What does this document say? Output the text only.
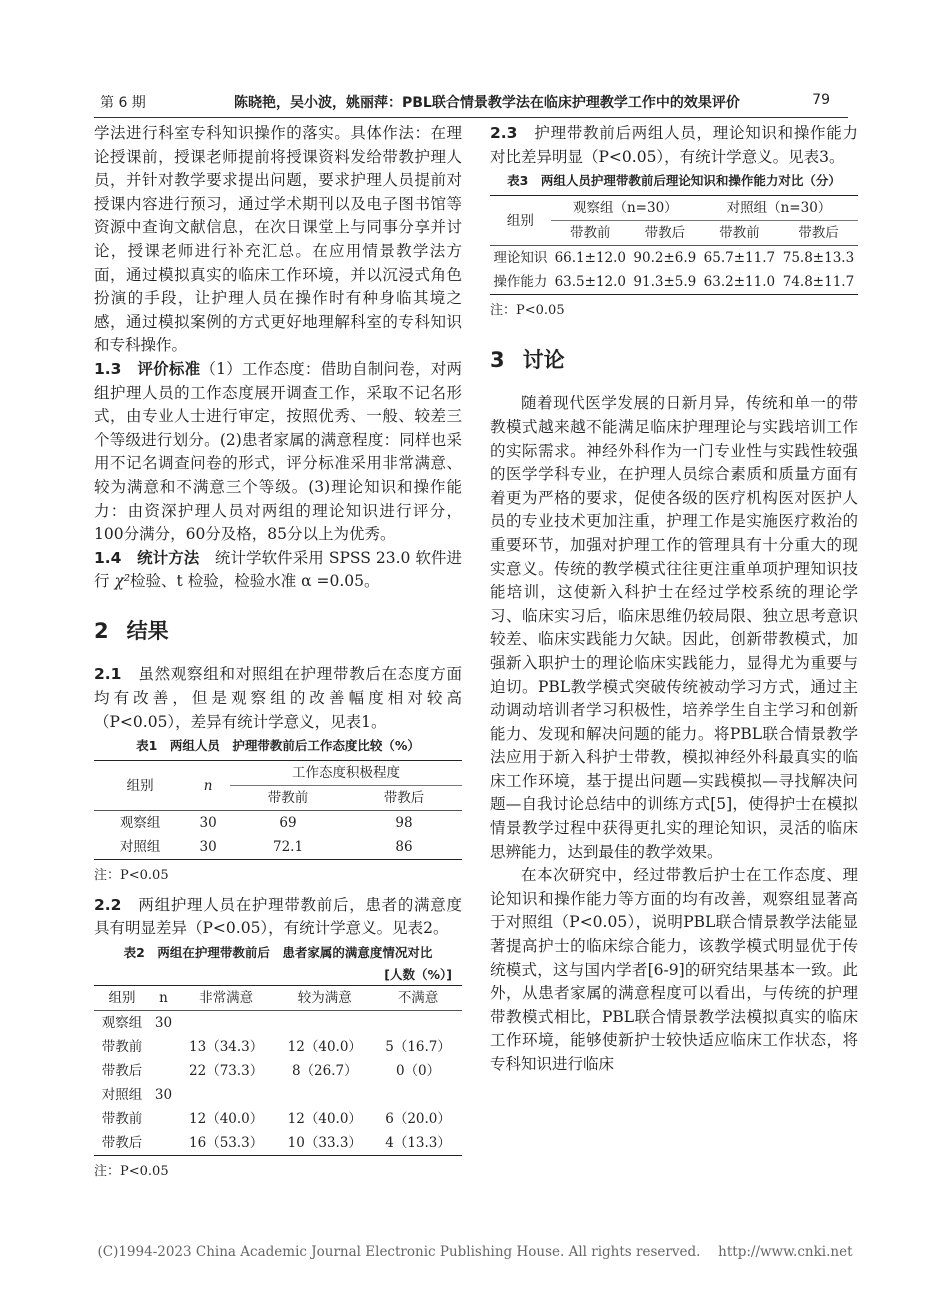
第 6 期	陈晓艳，吴小波，姚丽萍：PBL联合情景教学法在临床护理教学工作中的效果评价	79

学法进行科室专科知识操作的落实。具体作法：在理论授课前，授课老师提前将授课资料发给带教护理人员，并针对教学要求提出问题，要求护理人员提前对授课内容进行预习，通过学术期刊以及电子图书馆等资源中查询文献信息，在次日课堂上与同事分享并讨论，授课老师进行补充汇总。在应用情景教学法方面，通过模拟真实的临床工作环境，并以沉浸式角色扮演的手段，让护理人员在操作时有种身临其境之感，通过模拟案例的方式更好地理解科室的专科知识和专科操作。

1.3　评价标准（1）工作态度：借助自制问卷，对两组护理人员的工作态度展开调查工作，采取不记名形式，由专业人士进行审定，按照优秀、一般、较差三个等级进行划分。(2)患者家属的满意程度：同样也采用不记名调查问卷的形式，评分标准采用非常满意、较为满意和不满意三个等级。(3)理论知识和操作能力：由资深护理人员对两组的理论知识进行评分，100分满分，60分及格，85分以上为优秀。

1.4　统计方法　 统计学软件采用 SPSS 23.0 软件进行 χ²检验、t 检验，检验水准 α =0.05。

2 结果

2.1　 虽然观察组和对照组在护理带教后在态度方面均有改善，但是观察组的改善幅度相对较高（P<0.05），差异有统计学意义，见表1。

表1　两组人员　护理带教前后工作态度比较（%）
组别	n	工作态度积极程度	
		带教前	带教后
观察组	30	69	98
对照组	30	72.1	86
注：P<0.05

2.2　 两组护理人员在护理带教前后，患者的满意度具有明显差异（P<0.05），有统计学意义。见表2。

表2　两组在护理带教前后　患者家属的满意度情况对比
[人数（%）]
组别	n	非常满意	较为满意	不满意
观察组	30			
带教前		13（34.3）	12（40.0）	5（16.7）
带教后		22（73.3）	8（26.7）	0（0）
对照组	30			
带教前		12（40.0）	12（40.0）	6（20.0）
带教后		16（53.3）	10（33.3）	4（13.3）
注：P<0.05

2.3　 护理带教前后两组人员，理论知识和操作能力对比差异明显（P<0.05），有统计学意义。见表3。

表3　两组人员护理带教前后理论知识和操作能力对比（分）
组别	观察组（n=30）		对照组（n=30）	
	带教前	带教后	带教前	带教后
理论知识	66.1±12.0	90.2±6.9	65.7±11.7	75.8±13.3
操作能力	63.5±12.0	91.3±5.9	63.2±11.0	74.8±11.7
注：P<0.05
3 讨论

随着现代医学发展的日新月异，传统和单一的带教模式越来越不能满足临床护理理论与实践培训工作的实际需求。神经外科作为一门专业性与实践性较强的医学学科专业，在护理人员综合素质和质量方面有着更为严格的要求，促使各级的医疗机构医对医护人员的专业技术更加注重，护理工作是实施医疗救治的重要环节，加强对护理工作的管理具有十分重大的现实意义。传统的教学模式往往更注重单项护理知识技能培训，这使新入科护士在经过学校系统的理论学习、临床实习后，临床思维仍较局限、独立思考意识较差、临床实践能力欠缺。因此，创新带教模式，加强新入职护士的理论临床实践能力，显得尤为重要与迫切。PBL教学模式突破传统被动学习方式，通过主动调动培训者学习积极性，培养学生自主学习和创新能力、发现和解决问题的能力。将PBL联合情景教学法应用于新入科护士带教，模拟神经外科最真实的临床工作环境，基于提出问题—实践模拟—寻找解决问题—自我讨论总结中的训练方式[5]，使得护士在模拟情景教学过程中获得更扎实的理论知识，灵活的临床思辨能力，达到最佳的教学效果。

在本次研究中，经过带教后护士在工作态度、理论知识和操作能力等方面的均有改善，观察组显著高于对照组（P<0.05），说明PBL联合情景教学法能显著提高护士的临床综合能力，该教学模式明显优于传统模式，这与国内学者[6-9]的研究结果基本一致。此外，从患者家属的满意程度可以看出，与传统的护理带教模式相比，PBL联合情景教学法模拟真实的临床工作环境，能够使新护士较快适应临床工作状态，将专科知识进行临床

(C)1994-2023 China Academic Journal Electronic Publishing House. All rights reserved.　 http://www.cnki.net
